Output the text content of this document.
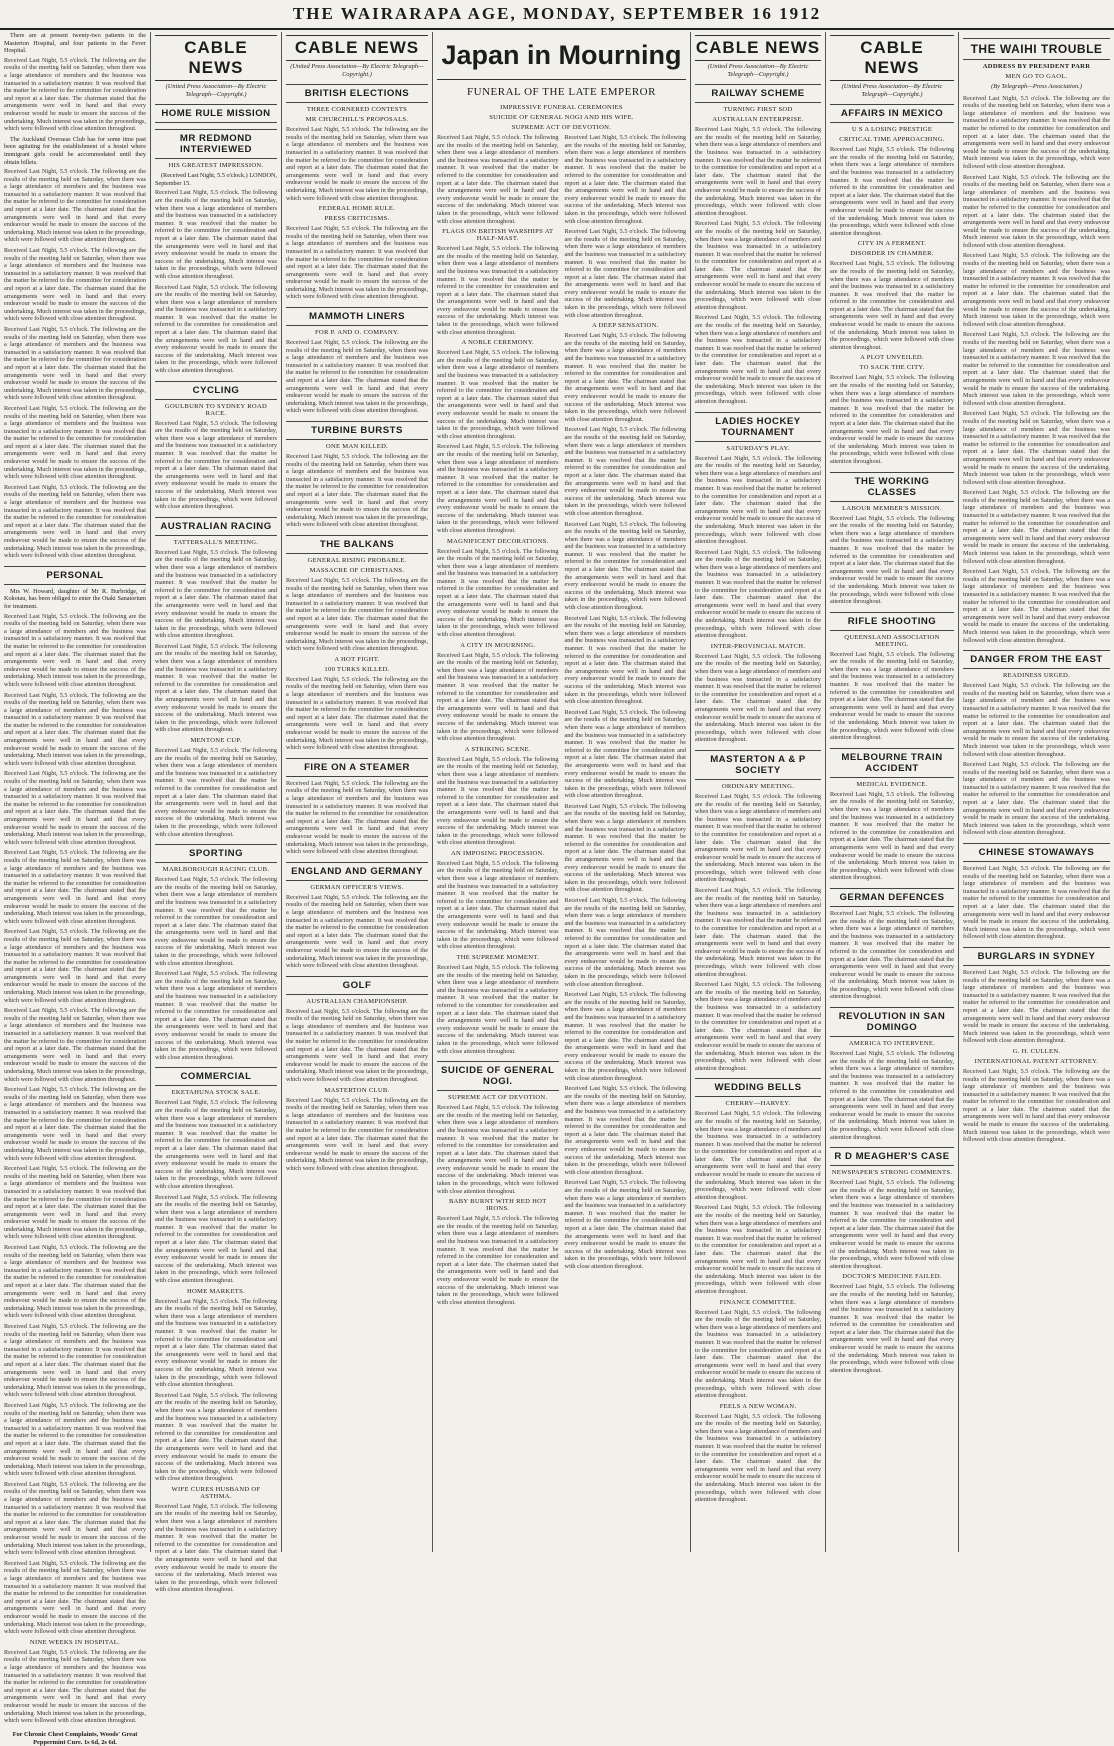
THE WAIRARAPA AGE, MONDAY, SEPTEMBER 16 1912

There are at present twenty-two patients in the Masterton Hospital, and four patients in the Fever Hospital.

Received Last Night, 5.5 o'clock. The following are the results of the meeting held on Saturday, when there was a large attendance of members and the business was transacted in a satisfactory manner. It was resolved that the matter be referred to the committee for consideration and report at a later date. The chairman stated that the arrangements were well in hand and that every endeavour would be made to ensure the success of the undertaking. Much interest was taken in the proceedings, which were followed with close attention throughout.

The Auckland Overseas Club has for some time past been agitating for the establishment of a hostel where immigrant girls could be accommodated until they obtain billets.

Received Last Night, 5.5 o'clock. The following are the results of the meeting held on Saturday, when there was a large attendance of members and the business was transacted in a satisfactory manner. It was resolved that the matter be referred to the committee for consideration and report at a later date. The chairman stated that the arrangements were well in hand and that every endeavour would be made to ensure the success of the undertaking. Much interest was taken in the proceedings, which were followed with close attention throughout.

Received Last Night, 5.5 o'clock. The following are the results of the meeting held on Saturday, when there was a large attendance of members and the business was transacted in a satisfactory manner. It was resolved that the matter be referred to the committee for consideration and report at a later date. The chairman stated that the arrangements were well in hand and that every endeavour would be made to ensure the success of the undertaking. Much interest was taken in the proceedings, which were followed with close attention throughout.

Received Last Night, 5.5 o'clock. The following are the results of the meeting held on Saturday, when there was a large attendance of members and the business was transacted in a satisfactory manner. It was resolved that the matter be referred to the committee for consideration and report at a later date. The chairman stated that the arrangements were well in hand and that every endeavour would be made to ensure the success of the undertaking. Much interest was taken in the proceedings, which were followed with close attention throughout.

Received Last Night, 5.5 o'clock. The following are the results of the meeting held on Saturday, when there was a large attendance of members and the business was transacted in a satisfactory manner. It was resolved that the matter be referred to the committee for consideration and report at a later date. The chairman stated that the arrangements were well in hand and that every endeavour would be made to ensure the success of the undertaking. Much interest was taken in the proceedings, which were followed with close attention throughout.

Received Last Night, 5.5 o'clock. The following are the results of the meeting held on Saturday, when there was a large attendance of members and the business was transacted in a satisfactory manner. It was resolved that the matter be referred to the committee for consideration and report at a later date. The chairman stated that the arrangements were well in hand and that every endeavour would be made to ensure the success of the undertaking. Much interest was taken in the proceedings, which were followed with close attention throughout.

PERSONAL

Mrs W. Howard, daughter of Mr R. Burbridge, of Kokotau, has been obliged to enter the Otaki Sanatorium for treatment.

Received Last Night, 5.5 o'clock. The following are the results of the meeting held on Saturday, when there was a large attendance of members and the business was transacted in a satisfactory manner. It was resolved that the matter be referred to the committee for consideration and report at a later date. The chairman stated that the arrangements were well in hand and that every endeavour would be made to ensure the success of the undertaking. Much interest was taken in the proceedings, which were followed with close attention throughout.

Received Last Night, 5.5 o'clock. The following are the results of the meeting held on Saturday, when there was a large attendance of members and the business was transacted in a satisfactory manner. It was resolved that the matter be referred to the committee for consideration and report at a later date. The chairman stated that the arrangements were well in hand and that every endeavour would be made to ensure the success of the undertaking. Much interest was taken in the proceedings, which were followed with close attention throughout.

Received Last Night, 5.5 o'clock. The following are the results of the meeting held on Saturday, when there was a large attendance of members and the business was transacted in a satisfactory manner. It was resolved that the matter be referred to the committee for consideration and report at a later date. The chairman stated that the arrangements were well in hand and that every endeavour would be made to ensure the success of the undertaking. Much interest was taken in the proceedings, which were followed with close attention throughout.

Received Last Night, 5.5 o'clock. The following are the results of the meeting held on Saturday, when there was a large attendance of members and the business was transacted in a satisfactory manner. It was resolved that the matter be referred to the committee for consideration and report at a later date. The chairman stated that the arrangements were well in hand and that every endeavour would be made to ensure the success of the undertaking. Much interest was taken in the proceedings, which were followed with close attention throughout.

Received Last Night, 5.5 o'clock. The following are the results of the meeting held on Saturday, when there was a large attendance of members and the business was transacted in a satisfactory manner. It was resolved that the matter be referred to the committee for consideration and report at a later date. The chairman stated that the arrangements were well in hand and that every endeavour would be made to ensure the success of the undertaking. Much interest was taken in the proceedings, which were followed with close attention throughout.

Received Last Night, 5.5 o'clock. The following are the results of the meeting held on Saturday, when there was a large attendance of members and the business was transacted in a satisfactory manner. It was resolved that the matter be referred to the committee for consideration and report at a later date. The chairman stated that the arrangements were well in hand and that every endeavour would be made to ensure the success of the undertaking. Much interest was taken in the proceedings, which were followed with close attention throughout.

Received Last Night, 5.5 o'clock. The following are the results of the meeting held on Saturday, when there was a large attendance of members and the business was transacted in a satisfactory manner. It was resolved that the matter be referred to the committee for consideration and report at a later date. The chairman stated that the arrangements were well in hand and that every endeavour would be made to ensure the success of the undertaking. Much interest was taken in the proceedings, which were followed with close attention throughout.

Received Last Night, 5.5 o'clock. The following are the results of the meeting held on Saturday, when there was a large attendance of members and the business was transacted in a satisfactory manner. It was resolved that the matter be referred to the committee for consideration and report at a later date. The chairman stated that the arrangements were well in hand and that every endeavour would be made to ensure the success of the undertaking. Much interest was taken in the proceedings, which were followed with close attention throughout.

Received Last Night, 5.5 o'clock. The following are the results of the meeting held on Saturday, when there was a large attendance of members and the business was transacted in a satisfactory manner. It was resolved that the matter be referred to the committee for consideration and report at a later date. The chairman stated that the arrangements were well in hand and that every endeavour would be made to ensure the success of the undertaking. Much interest was taken in the proceedings, which were followed with close attention throughout.

Received Last Night, 5.5 o'clock. The following are the results of the meeting held on Saturday, when there was a large attendance of members and the business was transacted in a satisfactory manner. It was resolved that the matter be referred to the committee for consideration and report at a later date. The chairman stated that the arrangements were well in hand and that every endeavour would be made to ensure the success of the undertaking. Much interest was taken in the proceedings, which were followed with close attention throughout.

Received Last Night, 5.5 o'clock. The following are the results of the meeting held on Saturday, when there was a large attendance of members and the business was transacted in a satisfactory manner. It was resolved that the matter be referred to the committee for consideration and report at a later date. The chairman stated that the arrangements were well in hand and that every endeavour would be made to ensure the success of the undertaking. Much interest was taken in the proceedings, which were followed with close attention throughout.

Received Last Night, 5.5 o'clock. The following are the results of the meeting held on Saturday, when there was a large attendance of members and the business was transacted in a satisfactory manner. It was resolved that the matter be referred to the committee for consideration and report at a later date. The chairman stated that the arrangements were well in hand and that every endeavour would be made to ensure the success of the undertaking. Much interest was taken in the proceedings, which were followed with close attention throughout.

Received Last Night, 5.5 o'clock. The following are the results of the meeting held on Saturday, when there was a large attendance of members and the business was transacted in a satisfactory manner. It was resolved that the matter be referred to the committee for consideration and report at a later date. The chairman stated that the arrangements were well in hand and that every endeavour would be made to ensure the success of the undertaking. Much interest was taken in the proceedings, which were followed with close attention throughout.

NINE WEEKS IN HOSPITAL.

Received Last Night, 5.5 o'clock. The following are the results of the meeting held on Saturday, when there was a large attendance of members and the business was transacted in a satisfactory manner. It was resolved that the matter be referred to the committee for consideration and report at a later date. The chairman stated that the arrangements were well in hand and that every endeavour would be made to ensure the success of the undertaking. Much interest was taken in the proceedings, which were followed with close attention throughout.

For Chronic Chest Complaints, Woods' Great Peppermint Cure. 1s 6d, 2s 6d.

CABLE NEWS
(United Press Association—By Electric Telegraph—Copyright.)
HOME RULE MISSION
MR REDMOND INTERVIEWED
HIS GREATEST IMPRESSION.

(Received Last Night, 5.5 o'clock.) LONDON, September 15.

Received Last Night, 5.5 o'clock. The following are the results of the meeting held on Saturday, when there was a large attendance of members and the business was transacted in a satisfactory manner. It was resolved that the matter be referred to the committee for consideration and report at a later date. The chairman stated that the arrangements were well in hand and that every endeavour would be made to ensure the success of the undertaking. Much interest was taken in the proceedings, which were followed with close attention throughout.

Received Last Night, 5.5 o'clock. The following are the results of the meeting held on Saturday, when there was a large attendance of members and the business was transacted in a satisfactory manner. It was resolved that the matter be referred to the committee for consideration and report at a later date. The chairman stated that the arrangements were well in hand and that every endeavour would be made to ensure the success of the undertaking. Much interest was taken in the proceedings, which were followed with close attention throughout.

CYCLING
GOULBURN TO SYDNEY ROAD RACE.

Received Last Night, 5.5 o'clock. The following are the results of the meeting held on Saturday, when there was a large attendance of members and the business was transacted in a satisfactory manner. It was resolved that the matter be referred to the committee for consideration and report at a later date. The chairman stated that the arrangements were well in hand and that every endeavour would be made to ensure the success of the undertaking. Much interest was taken in the proceedings, which were followed with close attention throughout.

AUSTRALIAN RACING
TATTERSALL'S MEETING.

Received Last Night, 5.5 o'clock. The following are the results of the meeting held on Saturday, when there was a large attendance of members and the business was transacted in a satisfactory manner. It was resolved that the matter be referred to the committee for consideration and report at a later date. The chairman stated that the arrangements were well in hand and that every endeavour would be made to ensure the success of the undertaking. Much interest was taken in the proceedings, which were followed with close attention throughout.

Received Last Night, 5.5 o'clock. The following are the results of the meeting held on Saturday, when there was a large attendance of members and the business was transacted in a satisfactory manner. It was resolved that the matter be referred to the committee for consideration and report at a later date. The chairman stated that the arrangements were well in hand and that every endeavour would be made to ensure the success of the undertaking. Much interest was taken in the proceedings, which were followed with close attention throughout.

MENTONE CUP.

Received Last Night, 5.5 o'clock. The following are the results of the meeting held on Saturday, when there was a large attendance of members and the business was transacted in a satisfactory manner. It was resolved that the matter be referred to the committee for consideration and report at a later date. The chairman stated that the arrangements were well in hand and that every endeavour would be made to ensure the success of the undertaking. Much interest was taken in the proceedings, which were followed with close attention throughout.

SPORTING
MARLBOROUGH RACING CLUB.

Received Last Night, 5.5 o'clock. The following are the results of the meeting held on Saturday, when there was a large attendance of members and the business was transacted in a satisfactory manner. It was resolved that the matter be referred to the committee for consideration and report at a later date. The chairman stated that the arrangements were well in hand and that every endeavour would be made to ensure the success of the undertaking. Much interest was taken in the proceedings, which were followed with close attention throughout.

Received Last Night, 5.5 o'clock. The following are the results of the meeting held on Saturday, when there was a large attendance of members and the business was transacted in a satisfactory manner. It was resolved that the matter be referred to the committee for consideration and report at a later date. The chairman stated that the arrangements were well in hand and that every endeavour would be made to ensure the success of the undertaking. Much interest was taken in the proceedings, which were followed with close attention throughout.

COMMERCIAL
EKETAHUNA STOCK SALE.

Received Last Night, 5.5 o'clock. The following are the results of the meeting held on Saturday, when there was a large attendance of members and the business was transacted in a satisfactory manner. It was resolved that the matter be referred to the committee for consideration and report at a later date. The chairman stated that the arrangements were well in hand and that every endeavour would be made to ensure the success of the undertaking. Much interest was taken in the proceedings, which were followed with close attention throughout.

Received Last Night, 5.5 o'clock. The following are the results of the meeting held on Saturday, when there was a large attendance of members and the business was transacted in a satisfactory manner. It was resolved that the matter be referred to the committee for consideration and report at a later date. The chairman stated that the arrangements were well in hand and that every endeavour would be made to ensure the success of the undertaking. Much interest was taken in the proceedings, which were followed with close attention throughout.

HOME MARKETS.

Received Last Night, 5.5 o'clock. The following are the results of the meeting held on Saturday, when there was a large attendance of members and the business was transacted in a satisfactory manner. It was resolved that the matter be referred to the committee for consideration and report at a later date. The chairman stated that the arrangements were well in hand and that every endeavour would be made to ensure the success of the undertaking. Much interest was taken in the proceedings, which were followed with close attention throughout.

Received Last Night, 5.5 o'clock. The following are the results of the meeting held on Saturday, when there was a large attendance of members and the business was transacted in a satisfactory manner. It was resolved that the matter be referred to the committee for consideration and report at a later date. The chairman stated that the arrangements were well in hand and that every endeavour would be made to ensure the success of the undertaking. Much interest was taken in the proceedings, which were followed with close attention throughout.

WIFE CURES HUSBAND OF ASTHMA.

Received Last Night, 5.5 o'clock. The following are the results of the meeting held on Saturday, when there was a large attendance of members and the business was transacted in a satisfactory manner. It was resolved that the matter be referred to the committee for consideration and report at a later date. The chairman stated that the arrangements were well in hand and that every endeavour would be made to ensure the success of the undertaking. Much interest was taken in the proceedings, which were followed with close attention throughout.

CABLE NEWS
(United Press Association—By Electric Telegraph—Copyright.)
BRITISH ELECTIONS
THREE CORNERED CONTESTS
MR CHURCHILL'S PROPOSALS.

Received Last Night, 5.5 o'clock. The following are the results of the meeting held on Saturday, when there was a large attendance of members and the business was transacted in a satisfactory manner. It was resolved that the matter be referred to the committee for consideration and report at a later date. The chairman stated that the arrangements were well in hand and that every endeavour would be made to ensure the success of the undertaking. Much interest was taken in the proceedings, which were followed with close attention throughout.

FEDERAL HOME RULE.
PRESS CRITICISMS.

Received Last Night, 5.5 o'clock. The following are the results of the meeting held on Saturday, when there was a large attendance of members and the business was transacted in a satisfactory manner. It was resolved that the matter be referred to the committee for consideration and report at a later date. The chairman stated that the arrangements were well in hand and that every endeavour would be made to ensure the success of the undertaking. Much interest was taken in the proceedings, which were followed with close attention throughout.

MAMMOTH LINERS
FOR P. AND O. COMPANY.

Received Last Night, 5.5 o'clock. The following are the results of the meeting held on Saturday, when there was a large attendance of members and the business was transacted in a satisfactory manner. It was resolved that the matter be referred to the committee for consideration and report at a later date. The chairman stated that the arrangements were well in hand and that every endeavour would be made to ensure the success of the undertaking. Much interest was taken in the proceedings, which were followed with close attention throughout.

TURBINE BURSTS
ONE MAN KILLED.

Received Last Night, 5.5 o'clock. The following are the results of the meeting held on Saturday, when there was a large attendance of members and the business was transacted in a satisfactory manner. It was resolved that the matter be referred to the committee for consideration and report at a later date. The chairman stated that the arrangements were well in hand and that every endeavour would be made to ensure the success of the undertaking. Much interest was taken in the proceedings, which were followed with close attention throughout.

THE BALKANS
GENERAL RISING PROBABLE.
MASSACRE OF CHRISTIANS.

Received Last Night, 5.5 o'clock. The following are the results of the meeting held on Saturday, when there was a large attendance of members and the business was transacted in a satisfactory manner. It was resolved that the matter be referred to the committee for consideration and report at a later date. The chairman stated that the arrangements were well in hand and that every endeavour would be made to ensure the success of the undertaking. Much interest was taken in the proceedings, which were followed with close attention throughout.

A HOT FIGHT.
100 TURKS KILLED.

Received Last Night, 5.5 o'clock. The following are the results of the meeting held on Saturday, when there was a large attendance of members and the business was transacted in a satisfactory manner. It was resolved that the matter be referred to the committee for consideration and report at a later date. The chairman stated that the arrangements were well in hand and that every endeavour would be made to ensure the success of the undertaking. Much interest was taken in the proceedings, which were followed with close attention throughout.

FIRE ON A STEAMER

Received Last Night, 5.5 o'clock. The following are the results of the meeting held on Saturday, when there was a large attendance of members and the business was transacted in a satisfactory manner. It was resolved that the matter be referred to the committee for consideration and report at a later date. The chairman stated that the arrangements were well in hand and that every endeavour would be made to ensure the success of the undertaking. Much interest was taken in the proceedings, which were followed with close attention throughout.

ENGLAND AND GERMANY
GERMAN OFFICER'S VIEWS.

Received Last Night, 5.5 o'clock. The following are the results of the meeting held on Saturday, when there was a large attendance of members and the business was transacted in a satisfactory manner. It was resolved that the matter be referred to the committee for consideration and report at a later date. The chairman stated that the arrangements were well in hand and that every endeavour would be made to ensure the success of the undertaking. Much interest was taken in the proceedings, which were followed with close attention throughout.

GOLF
AUSTRALIAN CHAMPIONSHIP.

Received Last Night, 5.5 o'clock. The following are the results of the meeting held on Saturday, when there was a large attendance of members and the business was transacted in a satisfactory manner. It was resolved that the matter be referred to the committee for consideration and report at a later date. The chairman stated that the arrangements were well in hand and that every endeavour would be made to ensure the success of the undertaking. Much interest was taken in the proceedings, which were followed with close attention throughout.

MASTERTON CLUB.

Received Last Night, 5.5 o'clock. The following are the results of the meeting held on Saturday, when there was a large attendance of members and the business was transacted in a satisfactory manner. It was resolved that the matter be referred to the committee for consideration and report at a later date. The chairman stated that the arrangements were well in hand and that every endeavour would be made to ensure the success of the undertaking. Much interest was taken in the proceedings, which were followed with close attention throughout.

Japan in Mourning
FUNERAL OF THE LATE EMPEROR
IMPRESSIVE FUNERAL CEREMONIES
SUICIDE OF GENERAL NOGI AND HIS WIFE.
SUPREME ACT OF DEVOTION.

Received Last Night, 5.5 o'clock. The following are the results of the meeting held on Saturday, when there was a large attendance of members and the business was transacted in a satisfactory manner. It was resolved that the matter be referred to the committee for consideration and report at a later date. The chairman stated that the arrangements were well in hand and that every endeavour would be made to ensure the success of the undertaking. Much interest was taken in the proceedings, which were followed with close attention throughout.

FLAGS ON BRITISH WARSHIPS AT HALF-MAST.

Received Last Night, 5.5 o'clock. The following are the results of the meeting held on Saturday, when there was a large attendance of members and the business was transacted in a satisfactory manner. It was resolved that the matter be referred to the committee for consideration and report at a later date. The chairman stated that the arrangements were well in hand and that every endeavour would be made to ensure the success of the undertaking. Much interest was taken in the proceedings, which were followed with close attention throughout.

A NOBLE CEREMONY.

Received Last Night, 5.5 o'clock. The following are the results of the meeting held on Saturday, when there was a large attendance of members and the business was transacted in a satisfactory manner. It was resolved that the matter be referred to the committee for consideration and report at a later date. The chairman stated that the arrangements were well in hand and that every endeavour would be made to ensure the success of the undertaking. Much interest was taken in the proceedings, which were followed with close attention throughout.

Received Last Night, 5.5 o'clock. The following are the results of the meeting held on Saturday, when there was a large attendance of members and the business was transacted in a satisfactory manner. It was resolved that the matter be referred to the committee for consideration and report at a later date. The chairman stated that the arrangements were well in hand and that every endeavour would be made to ensure the success of the undertaking. Much interest was taken in the proceedings, which were followed with close attention throughout.

MAGNIFICENT DECORATIONS.

Received Last Night, 5.5 o'clock. The following are the results of the meeting held on Saturday, when there was a large attendance of members and the business was transacted in a satisfactory manner. It was resolved that the matter be referred to the committee for consideration and report at a later date. The chairman stated that the arrangements were well in hand and that every endeavour would be made to ensure the success of the undertaking. Much interest was taken in the proceedings, which were followed with close attention throughout.

A CITY IN MOURNING.

Received Last Night, 5.5 o'clock. The following are the results of the meeting held on Saturday, when there was a large attendance of members and the business was transacted in a satisfactory manner. It was resolved that the matter be referred to the committee for consideration and report at a later date. The chairman stated that the arrangements were well in hand and that every endeavour would be made to ensure the success of the undertaking. Much interest was taken in the proceedings, which were followed with close attention throughout.

A STRIKING SCENE.

Received Last Night, 5.5 o'clock. The following are the results of the meeting held on Saturday, when there was a large attendance of members and the business was transacted in a satisfactory manner. It was resolved that the matter be referred to the committee for consideration and report at a later date. The chairman stated that the arrangements were well in hand and that every endeavour would be made to ensure the success of the undertaking. Much interest was taken in the proceedings, which were followed with close attention throughout.

AN IMPOSING PROCESSION.

Received Last Night, 5.5 o'clock. The following are the results of the meeting held on Saturday, when there was a large attendance of members and the business was transacted in a satisfactory manner. It was resolved that the matter be referred to the committee for consideration and report at a later date. The chairman stated that the arrangements were well in hand and that every endeavour would be made to ensure the success of the undertaking. Much interest was taken in the proceedings, which were followed with close attention throughout.

THE SUPREME MOMENT.

Received Last Night, 5.5 o'clock. The following are the results of the meeting held on Saturday, when there was a large attendance of members and the business was transacted in a satisfactory manner. It was resolved that the matter be referred to the committee for consideration and report at a later date. The chairman stated that the arrangements were well in hand and that every endeavour would be made to ensure the success of the undertaking. Much interest was taken in the proceedings, which were followed with close attention throughout.

SUICIDE OF GENERAL NOGI.
SUPREME ACT OF DEVOTION.

Received Last Night, 5.5 o'clock. The following are the results of the meeting held on Saturday, when there was a large attendance of members and the business was transacted in a satisfactory manner. It was resolved that the matter be referred to the committee for consideration and report at a later date. The chairman stated that the arrangements were well in hand and that every endeavour would be made to ensure the success of the undertaking. Much interest was taken in the proceedings, which were followed with close attention throughout.

BABY BURNT WITH RED HOT IRONS.

Received Last Night, 5.5 o'clock. The following are the results of the meeting held on Saturday, when there was a large attendance of members and the business was transacted in a satisfactory manner. It was resolved that the matter be referred to the committee for consideration and report at a later date. The chairman stated that the arrangements were well in hand and that every endeavour would be made to ensure the success of the undertaking. Much interest was taken in the proceedings, which were followed with close attention throughout.

Received Last Night, 5.5 o'clock. The following are the results of the meeting held on Saturday, when there was a large attendance of members and the business was transacted in a satisfactory manner. It was resolved that the matter be referred to the committee for consideration and report at a later date. The chairman stated that the arrangements were well in hand and that every endeavour would be made to ensure the success of the undertaking. Much interest was taken in the proceedings, which were followed with close attention throughout.

Received Last Night, 5.5 o'clock. The following are the results of the meeting held on Saturday, when there was a large attendance of members and the business was transacted in a satisfactory manner. It was resolved that the matter be referred to the committee for consideration and report at a later date. The chairman stated that the arrangements were well in hand and that every endeavour would be made to ensure the success of the undertaking. Much interest was taken in the proceedings, which were followed with close attention throughout.

A DEEP SENSATION.

Received Last Night, 5.5 o'clock. The following are the results of the meeting held on Saturday, when there was a large attendance of members and the business was transacted in a satisfactory manner. It was resolved that the matter be referred to the committee for consideration and report at a later date. The chairman stated that the arrangements were well in hand and that every endeavour would be made to ensure the success of the undertaking. Much interest was taken in the proceedings, which were followed with close attention throughout.

Received Last Night, 5.5 o'clock. The following are the results of the meeting held on Saturday, when there was a large attendance of members and the business was transacted in a satisfactory manner. It was resolved that the matter be referred to the committee for consideration and report at a later date. The chairman stated that the arrangements were well in hand and that every endeavour would be made to ensure the success of the undertaking. Much interest was taken in the proceedings, which were followed with close attention throughout.

Received Last Night, 5.5 o'clock. The following are the results of the meeting held on Saturday, when there was a large attendance of members and the business was transacted in a satisfactory manner. It was resolved that the matter be referred to the committee for consideration and report at a later date. The chairman stated that the arrangements were well in hand and that every endeavour would be made to ensure the success of the undertaking. Much interest was taken in the proceedings, which were followed with close attention throughout.

Received Last Night, 5.5 o'clock. The following are the results of the meeting held on Saturday, when there was a large attendance of members and the business was transacted in a satisfactory manner. It was resolved that the matter be referred to the committee for consideration and report at a later date. The chairman stated that the arrangements were well in hand and that every endeavour would be made to ensure the success of the undertaking. Much interest was taken in the proceedings, which were followed with close attention throughout.

Received Last Night, 5.5 o'clock. The following are the results of the meeting held on Saturday, when there was a large attendance of members and the business was transacted in a satisfactory manner. It was resolved that the matter be referred to the committee for consideration and report at a later date. The chairman stated that the arrangements were well in hand and that every endeavour would be made to ensure the success of the undertaking. Much interest was taken in the proceedings, which were followed with close attention throughout.

Received Last Night, 5.5 o'clock. The following are the results of the meeting held on Saturday, when there was a large attendance of members and the business was transacted in a satisfactory manner. It was resolved that the matter be referred to the committee for consideration and report at a later date. The chairman stated that the arrangements were well in hand and that every endeavour would be made to ensure the success of the undertaking. Much interest was taken in the proceedings, which were followed with close attention throughout.

Received Last Night, 5.5 o'clock. The following are the results of the meeting held on Saturday, when there was a large attendance of members and the business was transacted in a satisfactory manner. It was resolved that the matter be referred to the committee for consideration and report at a later date. The chairman stated that the arrangements were well in hand and that every endeavour would be made to ensure the success of the undertaking. Much interest was taken in the proceedings, which were followed with close attention throughout.

Received Last Night, 5.5 o'clock. The following are the results of the meeting held on Saturday, when there was a large attendance of members and the business was transacted in a satisfactory manner. It was resolved that the matter be referred to the committee for consideration and report at a later date. The chairman stated that the arrangements were well in hand and that every endeavour would be made to ensure the success of the undertaking. Much interest was taken in the proceedings, which were followed with close attention throughout.

Received Last Night, 5.5 o'clock. The following are the results of the meeting held on Saturday, when there was a large attendance of members and the business was transacted in a satisfactory manner. It was resolved that the matter be referred to the committee for consideration and report at a later date. The chairman stated that the arrangements were well in hand and that every endeavour would be made to ensure the success of the undertaking. Much interest was taken in the proceedings, which were followed with close attention throughout.

Received Last Night, 5.5 o'clock. The following are the results of the meeting held on Saturday, when there was a large attendance of members and the business was transacted in a satisfactory manner. It was resolved that the matter be referred to the committee for consideration and report at a later date. The chairman stated that the arrangements were well in hand and that every endeavour would be made to ensure the success of the undertaking. Much interest was taken in the proceedings, which were followed with close attention throughout.

CABLE NEWS
(United Press Association—By Electric Telegraph—Copyright.)
RAILWAY SCHEME
TURNING FIRST SOD
AUSTRALIAN ENTERPRISE.

Received Last Night, 5.5 o'clock. The following are the results of the meeting held on Saturday, when there was a large attendance of members and the business was transacted in a satisfactory manner. It was resolved that the matter be referred to the committee for consideration and report at a later date. The chairman stated that the arrangements were well in hand and that every endeavour would be made to ensure the success of the undertaking. Much interest was taken in the proceedings, which were followed with close attention throughout.

Received Last Night, 5.5 o'clock. The following are the results of the meeting held on Saturday, when there was a large attendance of members and the business was transacted in a satisfactory manner. It was resolved that the matter be referred to the committee for consideration and report at a later date. The chairman stated that the arrangements were well in hand and that every endeavour would be made to ensure the success of the undertaking. Much interest was taken in the proceedings, which were followed with close attention throughout.

Received Last Night, 5.5 o'clock. The following are the results of the meeting held on Saturday, when there was a large attendance of members and the business was transacted in a satisfactory manner. It was resolved that the matter be referred to the committee for consideration and report at a later date. The chairman stated that the arrangements were well in hand and that every endeavour would be made to ensure the success of the undertaking. Much interest was taken in the proceedings, which were followed with close attention throughout.

LADIES HOCKEY TOURNAMENT
SATURDAY'S PLAY.

Received Last Night, 5.5 o'clock. The following are the results of the meeting held on Saturday, when there was a large attendance of members and the business was transacted in a satisfactory manner. It was resolved that the matter be referred to the committee for consideration and report at a later date. The chairman stated that the arrangements were well in hand and that every endeavour would be made to ensure the success of the undertaking. Much interest was taken in the proceedings, which were followed with close attention throughout.

Received Last Night, 5.5 o'clock. The following are the results of the meeting held on Saturday, when there was a large attendance of members and the business was transacted in a satisfactory manner. It was resolved that the matter be referred to the committee for consideration and report at a later date. The chairman stated that the arrangements were well in hand and that every endeavour would be made to ensure the success of the undertaking. Much interest was taken in the proceedings, which were followed with close attention throughout.

INTER-PROVINCIAL MATCH.

Received Last Night, 5.5 o'clock. The following are the results of the meeting held on Saturday, when there was a large attendance of members and the business was transacted in a satisfactory manner. It was resolved that the matter be referred to the committee for consideration and report at a later date. The chairman stated that the arrangements were well in hand and that every endeavour would be made to ensure the success of the undertaking. Much interest was taken in the proceedings, which were followed with close attention throughout.

MASTERTON A & P SOCIETY
ORDINARY MEETING.

Received Last Night, 5.5 o'clock. The following are the results of the meeting held on Saturday, when there was a large attendance of members and the business was transacted in a satisfactory manner. It was resolved that the matter be referred to the committee for consideration and report at a later date. The chairman stated that the arrangements were well in hand and that every endeavour would be made to ensure the success of the undertaking. Much interest was taken in the proceedings, which were followed with close attention throughout.

Received Last Night, 5.5 o'clock. The following are the results of the meeting held on Saturday, when there was a large attendance of members and the business was transacted in a satisfactory manner. It was resolved that the matter be referred to the committee for consideration and report at a later date. The chairman stated that the arrangements were well in hand and that every endeavour would be made to ensure the success of the undertaking. Much interest was taken in the proceedings, which were followed with close attention throughout.

Received Last Night, 5.5 o'clock. The following are the results of the meeting held on Saturday, when there was a large attendance of members and the business was transacted in a satisfactory manner. It was resolved that the matter be referred to the committee for consideration and report at a later date. The chairman stated that the arrangements were well in hand and that every endeavour would be made to ensure the success of the undertaking. Much interest was taken in the proceedings, which were followed with close attention throughout.

WEDDING BELLS
CHERRY—HARVEY.

Received Last Night, 5.5 o'clock. The following are the results of the meeting held on Saturday, when there was a large attendance of members and the business was transacted in a satisfactory manner. It was resolved that the matter be referred to the committee for consideration and report at a later date. The chairman stated that the arrangements were well in hand and that every endeavour would be made to ensure the success of the undertaking. Much interest was taken in the proceedings, which were followed with close attention throughout.

Received Last Night, 5.5 o'clock. The following are the results of the meeting held on Saturday, when there was a large attendance of members and the business was transacted in a satisfactory manner. It was resolved that the matter be referred to the committee for consideration and report at a later date. The chairman stated that the arrangements were well in hand and that every endeavour would be made to ensure the success of the undertaking. Much interest was taken in the proceedings, which were followed with close attention throughout.

FINANCE COMMITTEE.

Received Last Night, 5.5 o'clock. The following are the results of the meeting held on Saturday, when there was a large attendance of members and the business was transacted in a satisfactory manner. It was resolved that the matter be referred to the committee for consideration and report at a later date. The chairman stated that the arrangements were well in hand and that every endeavour would be made to ensure the success of the undertaking. Much interest was taken in the proceedings, which were followed with close attention throughout.

FEELS A NEW WOMAN.

Received Last Night, 5.5 o'clock. The following are the results of the meeting held on Saturday, when there was a large attendance of members and the business was transacted in a satisfactory manner. It was resolved that the matter be referred to the committee for consideration and report at a later date. The chairman stated that the arrangements were well in hand and that every endeavour would be made to ensure the success of the undertaking. Much interest was taken in the proceedings, which were followed with close attention throughout.

CABLE NEWS
(United Press Association—By Electric Telegraph—Copyright.)
AFFAIRS IN MEXICO
U S A LOSING PRESTIGE
CRITICAL TIME APPROACHING.

Received Last Night, 5.5 o'clock. The following are the results of the meeting held on Saturday, when there was a large attendance of members and the business was transacted in a satisfactory manner. It was resolved that the matter be referred to the committee for consideration and report at a later date. The chairman stated that the arrangements were well in hand and that every endeavour would be made to ensure the success of the undertaking. Much interest was taken in the proceedings, which were followed with close attention throughout.

CITY IN A FERMENT.
DISORDER IN CHAMBER.

Received Last Night, 5.5 o'clock. The following are the results of the meeting held on Saturday, when there was a large attendance of members and the business was transacted in a satisfactory manner. It was resolved that the matter be referred to the committee for consideration and report at a later date. The chairman stated that the arrangements were well in hand and that every endeavour would be made to ensure the success of the undertaking. Much interest was taken in the proceedings, which were followed with close attention throughout.

A PLOT UNVEILED.
TO SACK THE CITY.

Received Last Night, 5.5 o'clock. The following are the results of the meeting held on Saturday, when there was a large attendance of members and the business was transacted in a satisfactory manner. It was resolved that the matter be referred to the committee for consideration and report at a later date. The chairman stated that the arrangements were well in hand and that every endeavour would be made to ensure the success of the undertaking. Much interest was taken in the proceedings, which were followed with close attention throughout.

THE WORKING CLASSES
LABOUR MEMBER'S MISSION.

Received Last Night, 5.5 o'clock. The following are the results of the meeting held on Saturday, when there was a large attendance of members and the business was transacted in a satisfactory manner. It was resolved that the matter be referred to the committee for consideration and report at a later date. The chairman stated that the arrangements were well in hand and that every endeavour would be made to ensure the success of the undertaking. Much interest was taken in the proceedings, which were followed with close attention throughout.

RIFLE SHOOTING
QUEENSLAND ASSOCIATION MEETING.

Received Last Night, 5.5 o'clock. The following are the results of the meeting held on Saturday, when there was a large attendance of members and the business was transacted in a satisfactory manner. It was resolved that the matter be referred to the committee for consideration and report at a later date. The chairman stated that the arrangements were well in hand and that every endeavour would be made to ensure the success of the undertaking. Much interest was taken in the proceedings, which were followed with close attention throughout.

MELBOURNE TRAIN ACCIDENT
MEDICAL EVIDENCE.

Received Last Night, 5.5 o'clock. The following are the results of the meeting held on Saturday, when there was a large attendance of members and the business was transacted in a satisfactory manner. It was resolved that the matter be referred to the committee for consideration and report at a later date. The chairman stated that the arrangements were well in hand and that every endeavour would be made to ensure the success of the undertaking. Much interest was taken in the proceedings, which were followed with close attention throughout.

GERMAN DEFENCES

Received Last Night, 5.5 o'clock. The following are the results of the meeting held on Saturday, when there was a large attendance of members and the business was transacted in a satisfactory manner. It was resolved that the matter be referred to the committee for consideration and report at a later date. The chairman stated that the arrangements were well in hand and that every endeavour would be made to ensure the success of the undertaking. Much interest was taken in the proceedings, which were followed with close attention throughout.

REVOLUTION IN SAN DOMINGO
AMERICA TO INTERVENE.

Received Last Night, 5.5 o'clock. The following are the results of the meeting held on Saturday, when there was a large attendance of members and the business was transacted in a satisfactory manner. It was resolved that the matter be referred to the committee for consideration and report at a later date. The chairman stated that the arrangements were well in hand and that every endeavour would be made to ensure the success of the undertaking. Much interest was taken in the proceedings, which were followed with close attention throughout.

R D MEAGHER'S CASE
NEWSPAPER'S STRONG COMMENTS.

Received Last Night, 5.5 o'clock. The following are the results of the meeting held on Saturday, when there was a large attendance of members and the business was transacted in a satisfactory manner. It was resolved that the matter be referred to the committee for consideration and report at a later date. The chairman stated that the arrangements were well in hand and that every endeavour would be made to ensure the success of the undertaking. Much interest was taken in the proceedings, which were followed with close attention throughout.

DOCTOR'S MEDICINE FAILED.

Received Last Night, 5.5 o'clock. The following are the results of the meeting held on Saturday, when there was a large attendance of members and the business was transacted in a satisfactory manner. It was resolved that the matter be referred to the committee for consideration and report at a later date. The chairman stated that the arrangements were well in hand and that every endeavour would be made to ensure the success of the undertaking. Much interest was taken in the proceedings, which were followed with close attention throughout.

THE WAIHI TROUBLE
ADDRESS BY PRESIDENT PARR
MEN GO TO GAOL.
(By Telegraph—Press Association.)

Received Last Night, 5.5 o'clock. The following are the results of the meeting held on Saturday, when there was a large attendance of members and the business was transacted in a satisfactory manner. It was resolved that the matter be referred to the committee for consideration and report at a later date. The chairman stated that the arrangements were well in hand and that every endeavour would be made to ensure the success of the undertaking. Much interest was taken in the proceedings, which were followed with close attention throughout.

Received Last Night, 5.5 o'clock. The following are the results of the meeting held on Saturday, when there was a large attendance of members and the business was transacted in a satisfactory manner. It was resolved that the matter be referred to the committee for consideration and report at a later date. The chairman stated that the arrangements were well in hand and that every endeavour would be made to ensure the success of the undertaking. Much interest was taken in the proceedings, which were followed with close attention throughout.

Received Last Night, 5.5 o'clock. The following are the results of the meeting held on Saturday, when there was a large attendance of members and the business was transacted in a satisfactory manner. It was resolved that the matter be referred to the committee for consideration and report at a later date. The chairman stated that the arrangements were well in hand and that every endeavour would be made to ensure the success of the undertaking. Much interest was taken in the proceedings, which were followed with close attention throughout.

Received Last Night, 5.5 o'clock. The following are the results of the meeting held on Saturday, when there was a large attendance of members and the business was transacted in a satisfactory manner. It was resolved that the matter be referred to the committee for consideration and report at a later date. The chairman stated that the arrangements were well in hand and that every endeavour would be made to ensure the success of the undertaking. Much interest was taken in the proceedings, which were followed with close attention throughout.

Received Last Night, 5.5 o'clock. The following are the results of the meeting held on Saturday, when there was a large attendance of members and the business was transacted in a satisfactory manner. It was resolved that the matter be referred to the committee for consideration and report at a later date. The chairman stated that the arrangements were well in hand and that every endeavour would be made to ensure the success of the undertaking. Much interest was taken in the proceedings, which were followed with close attention throughout.

Received Last Night, 5.5 o'clock. The following are the results of the meeting held on Saturday, when there was a large attendance of members and the business was transacted in a satisfactory manner. It was resolved that the matter be referred to the committee for consideration and report at a later date. The chairman stated that the arrangements were well in hand and that every endeavour would be made to ensure the success of the undertaking. Much interest was taken in the proceedings, which were followed with close attention throughout.

Received Last Night, 5.5 o'clock. The following are the results of the meeting held on Saturday, when there was a large attendance of members and the business was transacted in a satisfactory manner. It was resolved that the matter be referred to the committee for consideration and report at a later date. The chairman stated that the arrangements were well in hand and that every endeavour would be made to ensure the success of the undertaking. Much interest was taken in the proceedings, which were followed with close attention throughout.

DANGER FROM THE EAST
READINESS URGED.

Received Last Night, 5.5 o'clock. The following are the results of the meeting held on Saturday, when there was a large attendance of members and the business was transacted in a satisfactory manner. It was resolved that the matter be referred to the committee for consideration and report at a later date. The chairman stated that the arrangements were well in hand and that every endeavour would be made to ensure the success of the undertaking. Much interest was taken in the proceedings, which were followed with close attention throughout.

Received Last Night, 5.5 o'clock. The following are the results of the meeting held on Saturday, when there was a large attendance of members and the business was transacted in a satisfactory manner. It was resolved that the matter be referred to the committee for consideration and report at a later date. The chairman stated that the arrangements were well in hand and that every endeavour would be made to ensure the success of the undertaking. Much interest was taken in the proceedings, which were followed with close attention throughout.

CHINESE STOWAWAYS

Received Last Night, 5.5 o'clock. The following are the results of the meeting held on Saturday, when there was a large attendance of members and the business was transacted in a satisfactory manner. It was resolved that the matter be referred to the committee for consideration and report at a later date. The chairman stated that the arrangements were well in hand and that every endeavour would be made to ensure the success of the undertaking. Much interest was taken in the proceedings, which were followed with close attention throughout.

BURGLARS IN SYDNEY

Received Last Night, 5.5 o'clock. The following are the results of the meeting held on Saturday, when there was a large attendance of members and the business was transacted in a satisfactory manner. It was resolved that the matter be referred to the committee for consideration and report at a later date. The chairman stated that the arrangements were well in hand and that every endeavour would be made to ensure the success of the undertaking. Much interest was taken in the proceedings, which were followed with close attention throughout.

G. H. CULLEN.
INTERNATIONAL PATENT ATTORNEY.

Received Last Night, 5.5 o'clock. The following are the results of the meeting held on Saturday, when there was a large attendance of members and the business was transacted in a satisfactory manner. It was resolved that the matter be referred to the committee for consideration and report at a later date. The chairman stated that the arrangements were well in hand and that every endeavour would be made to ensure the success of the undertaking. Much interest was taken in the proceedings, which were followed with close attention throughout.
